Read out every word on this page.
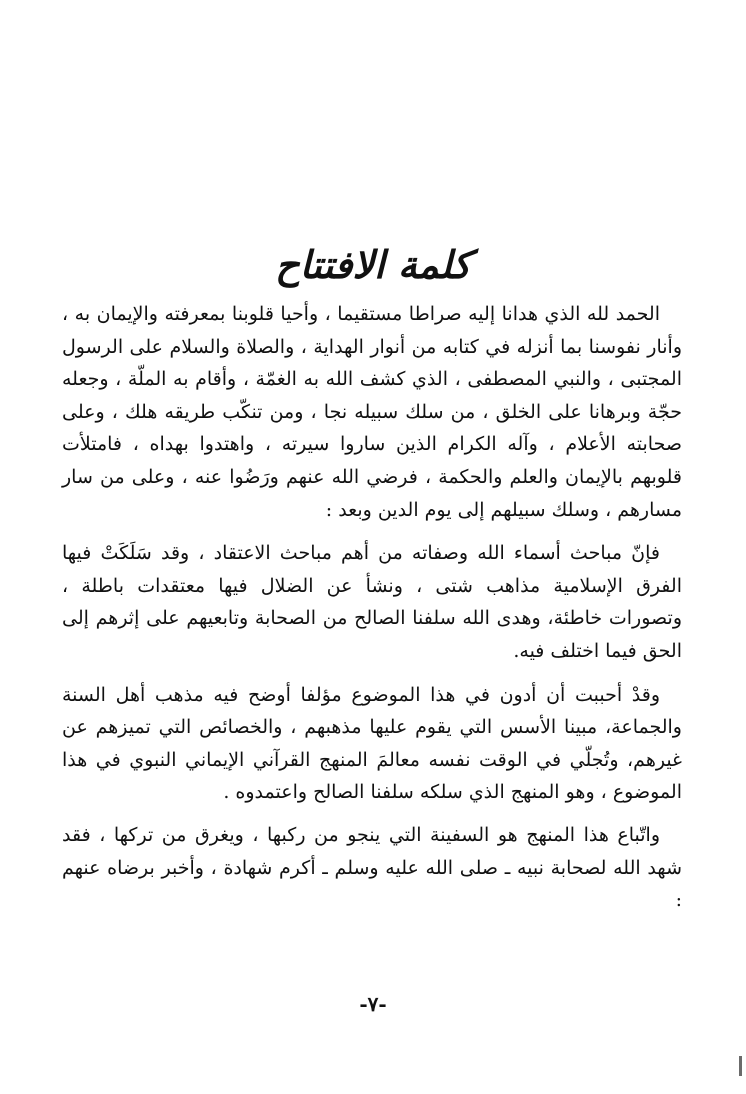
كلمة الافتتاح

الحمد لله الذي هدانا إليه صراطا مستقيما ، وأحيا قلوبنا بمعرفته والإيمان به ، وأنار نفوسنا بما أنزله في كتابه من أنوار الهداية ، والصلاة والسلام على الرسول المجتبى ، والنبي المصطفى ، الذي كشف الله به الغمّة ، وأقام به الملّة ، وجعله حجّة وبرهانا على الخلق ، من سلك سبيله نجا ، ومن تنكّب طريقه هلك ، وعلى صحابته الأعلام ، وآله الكرام الذين ساروا سيرته ، واهتدوا بهداه ، فامتلأت قلوبهم بالإيمان والعلم والحكمة ، فرضي الله عنهم ورَضُوا عنه ، وعلى من سار مسارهم ، وسلك سبيلهم إلى يوم الدين وبعد :

فإنّ مباحث أسماء الله وصفاته من أهم مباحث الاعتقاد ، وقد سَلَكَتْ فيها الفرق الإسلامية مذاهب شتى ، ونشأ عن الضلال فيها معتقدات باطلة ، وتصورات خاطئة، وهدى الله سلفنا الصالح من الصحابة وتابعيهم على إثرهم إلى الحق فيما اختلف فيه.

وقدْ أحببت أن أدون في هذا الموضوع مؤلفا أوضح فيه مذهب أهل السنة والجماعة، مبينا الأسس التي يقوم عليها مذهبهم ، والخصائص التي تميزهم عن غيرهم، وتُجلّي في الوقت نفسه معالمَ المنهج القرآني الإيماني النبوي في هذا الموضوع ، وهو المنهج الذي سلكه سلفنا الصالح واعتمدوه .

واتّباع هذا المنهج هو السفينة التي ينجو من ركبها ، ويغرق من تركها ، فقد شهد الله لصحابة نبيه ـ صلى الله عليه وسلم ـ أكرم شهادة ، وأخبر برضاه عنهم :

-٧-
